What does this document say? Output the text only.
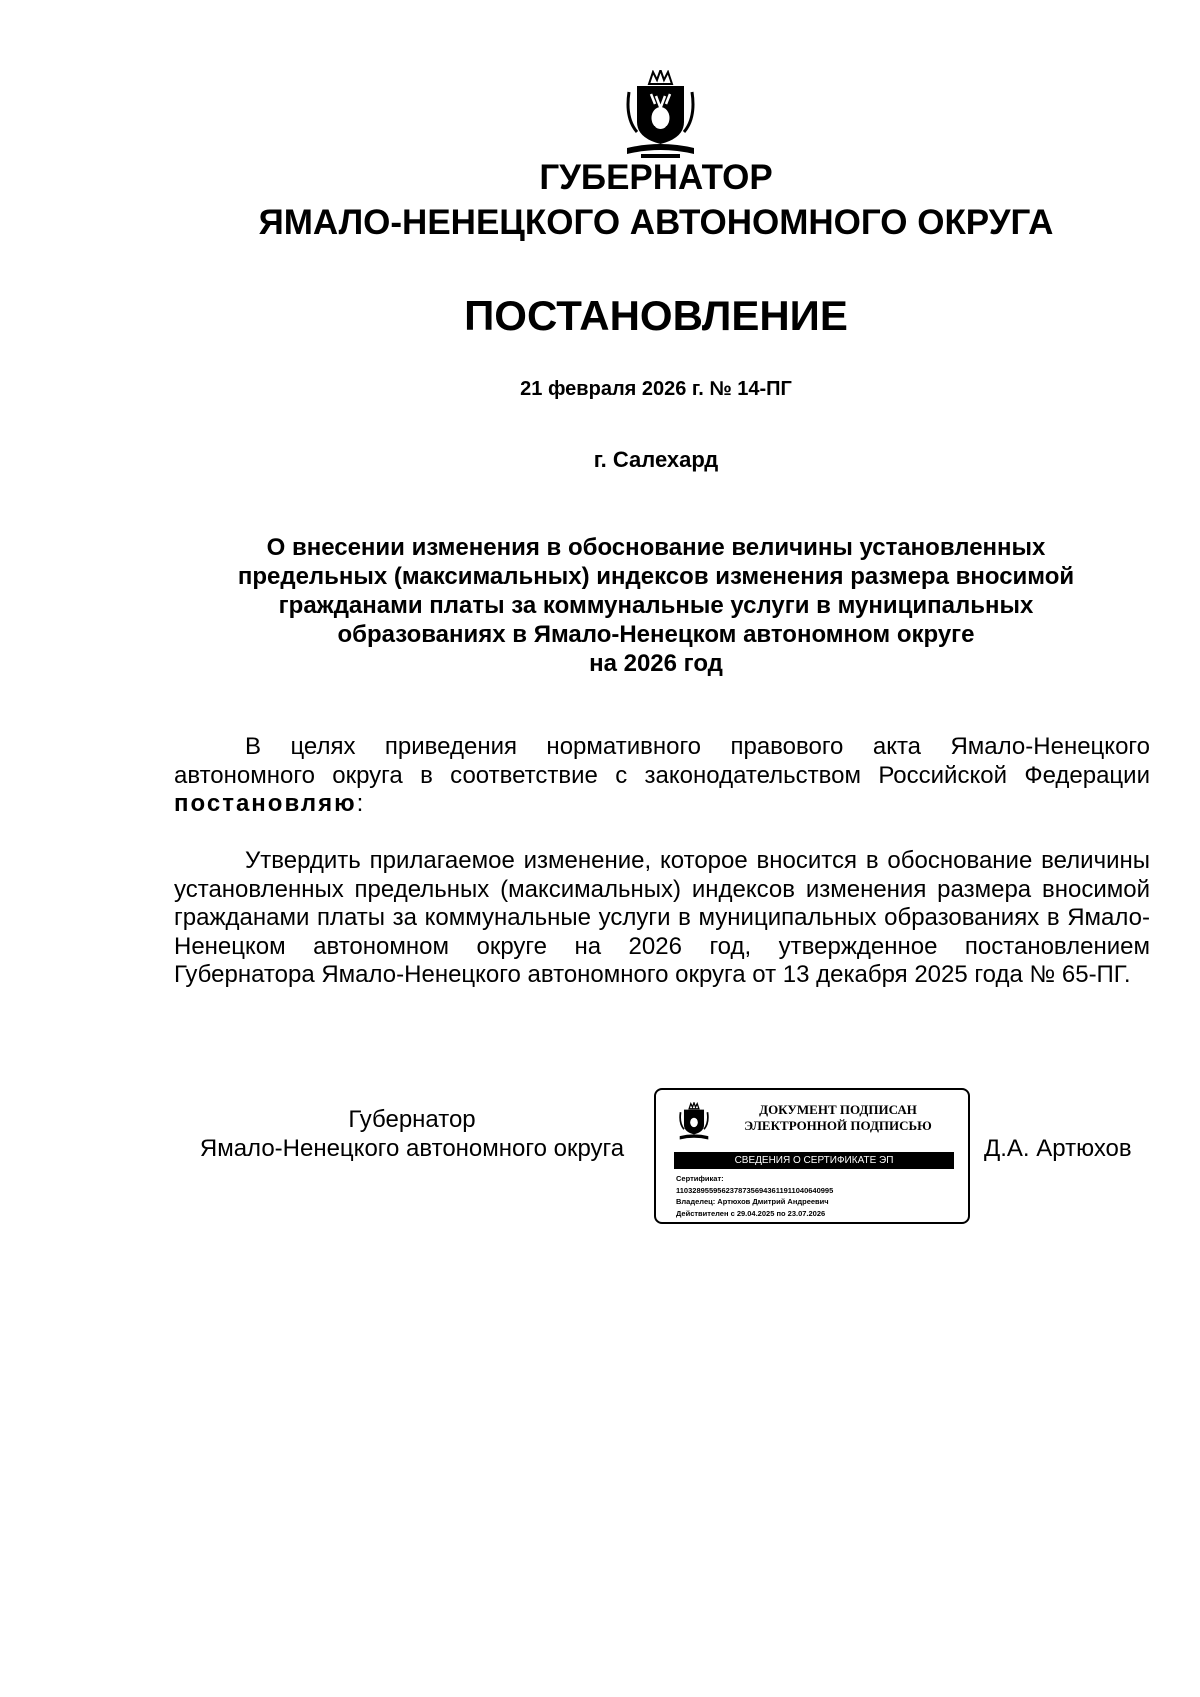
ГУБЕРНАТОР
ЯМАЛО-НЕНЕЦКОГО АВТОНОМНОГО ОКРУГА
ПОСТАНОВЛЕНИЕ
21 февраля 2026 г. № 14-ПГ
г. Салехард
О внесении изменения в обоснование величины установленных
предельных (максимальных) индексов изменения размера вносимой
гражданами платы за коммунальные услуги в муниципальных
образованиях в Ямало-Ненецком автономном округе
на 2026 год

В целях приведения нормативного правового акта Ямало-Ненецкого автономного округа в соответствие с законодательством Российской Федерации постановляю:

Утвердить прилагаемое изменение, которое вносится в обоснование величины установленных предельных (максимальных) индексов изменения размера вносимой гражданами платы за коммунальные услуги в муниципальных образованиях в Ямало-Ненецком автономном округе на 2026 год, утвержденное постановлением Губернатора Ямало-Ненецкого автономного округа от 13 декабря 2025 года № 65-ПГ.

Губернатор
Ямало-Ненецкого автономного округа
ДОКУМЕНТ ПОДПИСАН
ЭЛЕКТРОННОЙ ПОДПИСЬЮ
СВЕДЕНИЯ О СЕРТИФИКАТЕ ЭП
Сертификат:
11032895595623787356943611911040640995
Владелец: Артюхов Дмитрий Андреевич
Действителен с 29.04.2025 по 23.07.2026
Д.А. Артюхов
